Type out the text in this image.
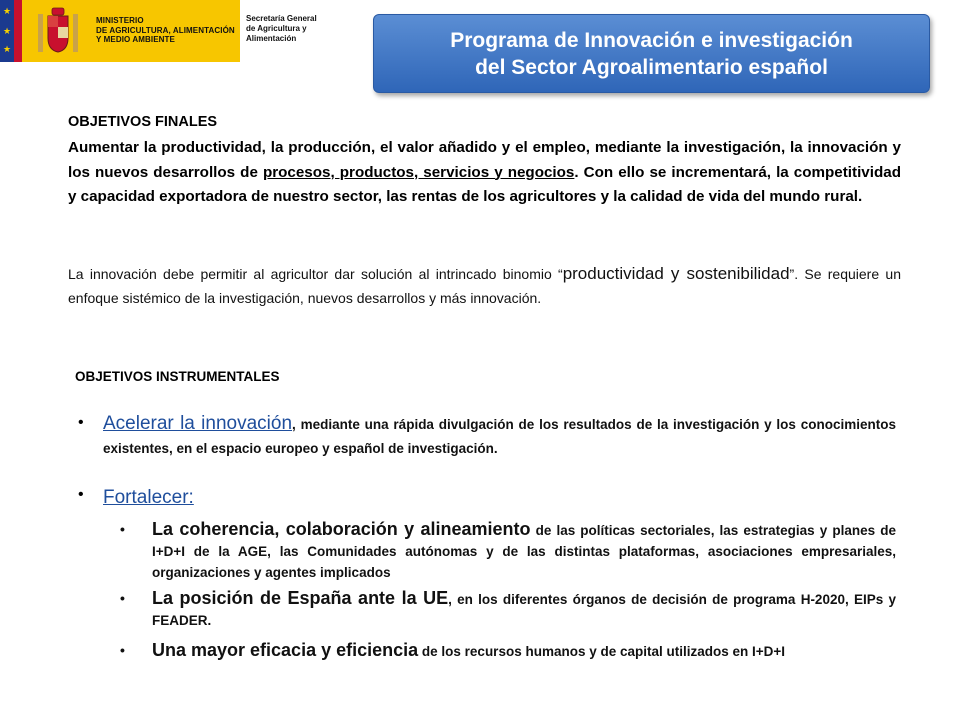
★
★
★
MINISTERIO
DE AGRICULTURA, ALIMENTACIÓN
Y MEDIO AMBIENTE
Secretaría General
de Agricultura y
Alimentación	Programa de Innovación e investigación
del Sector Agroalimentario español
OBJETIVOS FINALES
Aumentar la productividad, la producción, el valor añadido y el empleo, mediante la investigación, la innovación y los nuevos desarrollos de procesos, productos, servicios y negocios. Con ello se incrementará, la competitividad y capacidad exportadora de nuestro sector, las rentas de los agricultores y la calidad de vida del mundo rural.
La innovación debe permitir al agricultor dar solución al intrincado binomio “productividad y sostenibilidad”. Se requiere un enfoque sistémico de la investigación, nuevos desarrollos y más innovación.
OBJETIVOS INSTRUMENTALES
• Acelerar la innovación, mediante una rápida divulgación de los resultados de la investigación y los conocimientos existentes, en el espacio europeo y español de investigación.
• Fortalecer:
• La coherencia, colaboración y alineamiento de las políticas sectoriales, las estrategias y planes de I+D+I de la AGE, las Comunidades autónomas y de las distintas plataformas, asociaciones empresariales, organizaciones y agentes implicados
• La posición de España ante la UE, en los diferentes órganos de decisión de programa H-2020, EIPs y FEADER.
• Una mayor eficacia y eficiencia de los recursos humanos y de capital utilizados en I+D+I
